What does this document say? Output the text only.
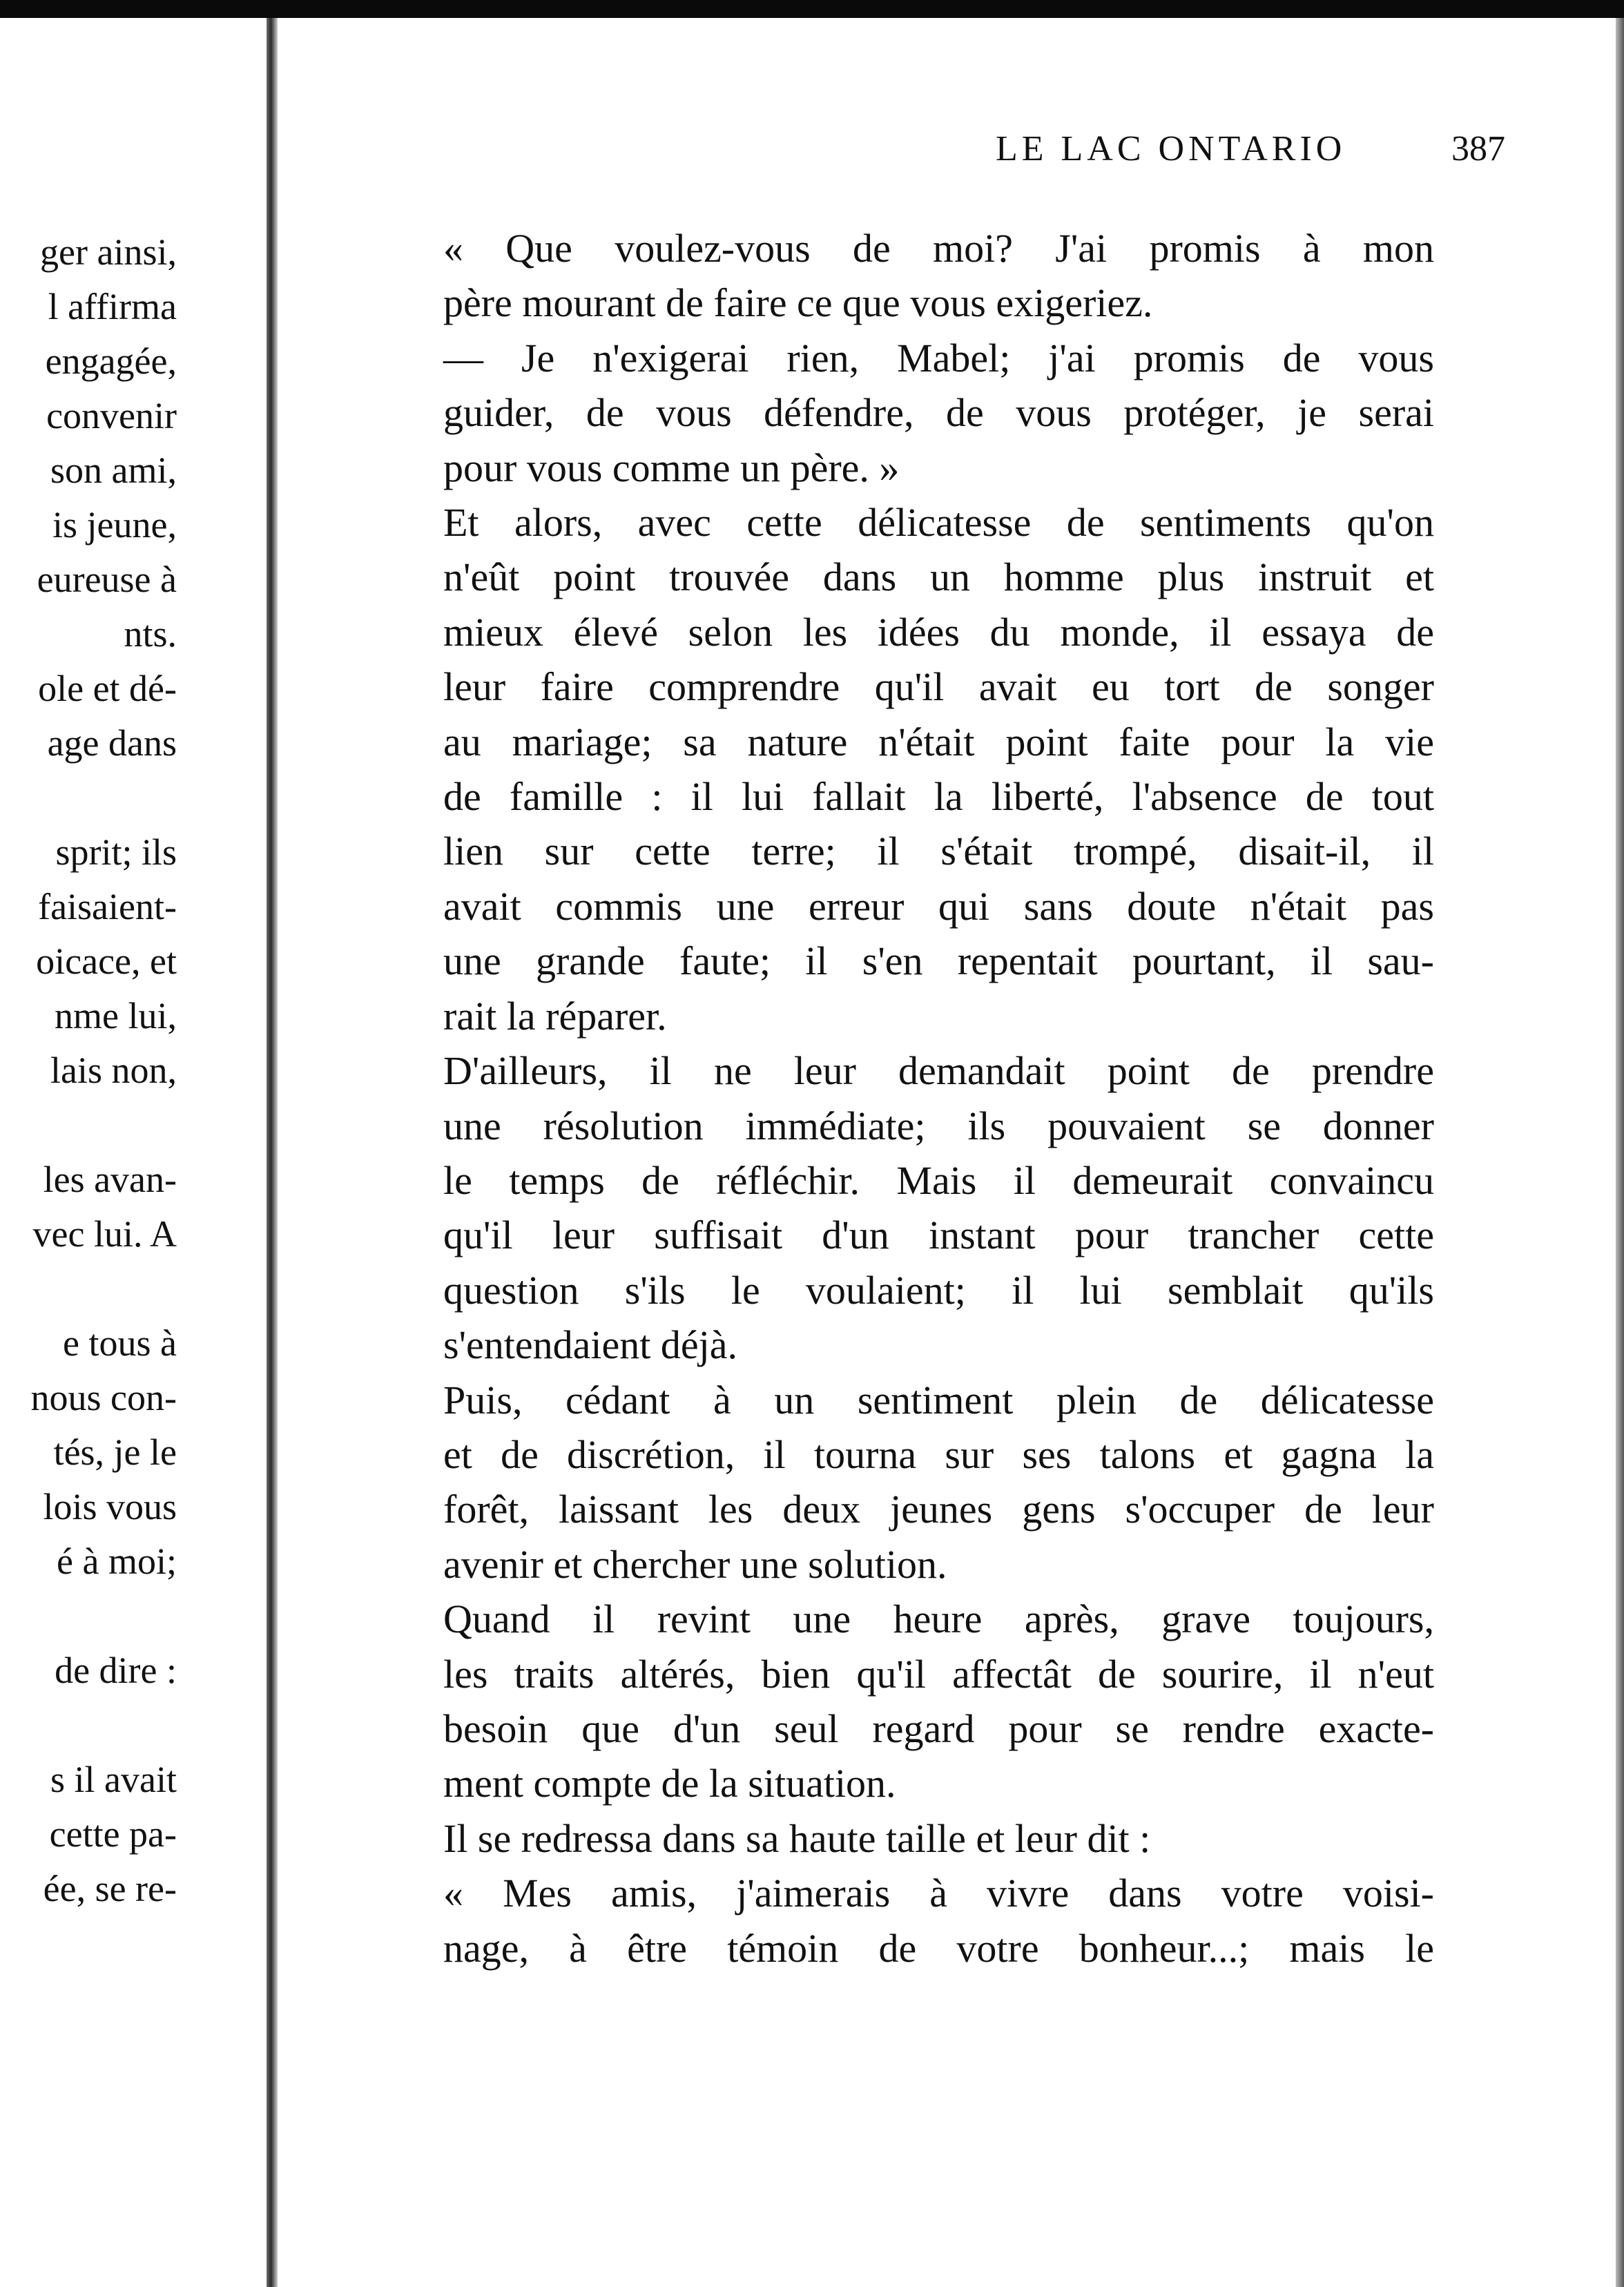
ger ainsi,
l affirma
engagée,
convenir
son ami,
is jeune,
eureuse à
nts.
ole et dé-
age dans
sprit; ils
faisaient-
oicace, et
nme lui,
lais non,
les avan-
vec lui. A
e tous à
nous con-
tés, je le
lois vous
é à moi;
de dire :
s il avait
cette pa-
ée, se re-
LE LAC ONTARIO	387

« Que voulez-vous de moi? J'ai promis à mon
père mourant de faire ce que vous exigeriez.

— Je n'exigerai rien, Mabel; j'ai promis de vous
guider, de vous défendre, de vous protéger, je serai
pour vous comme un père. »

Et alors, avec cette délicatesse de sentiments qu'on
n'eût point trouvée dans un homme plus instruit et
mieux élevé selon les idées du monde, il essaya de
leur faire comprendre qu'il avait eu tort de songer
au mariage; sa nature n'était point faite pour la vie
de famille : il lui fallait la liberté, l'absence de tout
lien sur cette terre; il s'était trompé, disait-il, il
avait commis une erreur qui sans doute n'était pas
une grande faute; il s'en repentait pourtant, il sau-
rait la réparer.

D'ailleurs, il ne leur demandait point de prendre
une résolution immédiate; ils pouvaient se donner
le temps de réfléchir. Mais il demeurait convaincu
qu'il leur suffisait d'un instant pour trancher cette
question s'ils le voulaient; il lui semblait qu'ils
s'entendaient déjà.

Puis, cédant à un sentiment plein de délicatesse
et de discrétion, il tourna sur ses talons et gagna la
forêt, laissant les deux jeunes gens s'occuper de leur
avenir et chercher une solution.

Quand il revint une heure après, grave toujours,
les traits altérés, bien qu'il affectât de sourire, il n'eut
besoin que d'un seul regard pour se rendre exacte-
ment compte de la situation.

Il se redressa dans sa haute taille et leur dit :

« Mes amis, j'aimerais à vivre dans votre voisi-
nage, à être témoin de votre bonheur...; mais le
